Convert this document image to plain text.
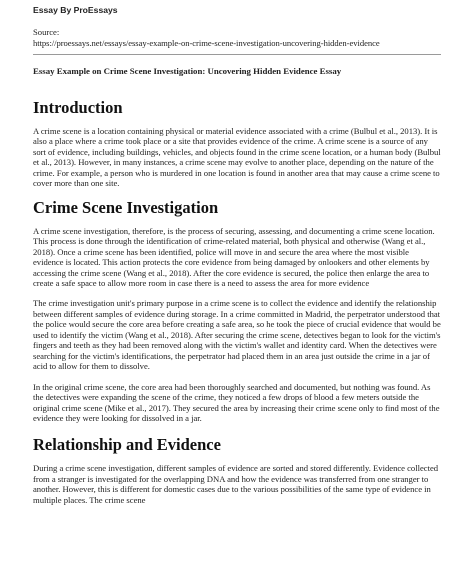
Essay By ProEssays
Source:
https://proessays.net/essays/essay-example-on-crime-scene-investigation-uncovering-hidden-evidence
Essay Example on Crime Scene Investigation: Uncovering Hidden Evidence Essay
Introduction

A crime scene is a location containing physical or material evidence associated with a crime (Bulbul et al., 2013). It is also a place where a crime took place or a site that provides evidence of the crime. A crime scene is a source of any sort of evidence, including buildings, vehicles, and objects found in the crime scene location, or a human body (Bulbul et al., 2013). However, in many instances, a crime scene may evolve to another place, depending on the nature of the crime. For example, a person who is murdered in one location is found in another area that may cause a crime scene to cover more than one site.

Crime Scene Investigation

A crime scene investigation, therefore, is the process of securing, assessing, and documenting a crime scene location. This process is done through the identification of crime-related material, both physical and otherwise (Wang et al., 2018). Once a crime scene has been identified, police will move in and secure the area where the most visible evidence is located. This action protects the core evidence from being damaged by onlookers and other elements by accessing the crime scene (Wang et al., 2018). After the core evidence is secured, the police then enlarge the area to create a safe space to allow more room in case there is a need to assess the area for more evidence

The crime investigation unit's primary purpose in a crime scene is to collect the evidence and identify the relationship between different samples of evidence during storage. In a crime committed in Madrid, the perpetrator understood that the police would secure the core area before creating a safe area, so he took the piece of crucial evidence that would be used to identify the victim (Wang et al., 2018). After securing the crime scene, detectives began to look for the victim's fingers and teeth as they had been removed along with the victim's wallet and identity card. When the detectives were searching for the victim's identifications, the perpetrator had placed them in an area just outside the crime in a jar of acid to allow for them to dissolve.

In the original crime scene, the core area had been thoroughly searched and documented, but nothing was found. As the detectives were expanding the scene of the crime, they noticed a few drops of blood a few meters outside the original crime scene (Mike et al., 2017). They secured the area by increasing their crime scene only to find most of the evidence they were looking for dissolved in a jar.

Relationship and Evidence

During a crime scene investigation, different samples of evidence are sorted and stored differently. Evidence collected from a stranger is investigated for the overlapping DNA and how the evidence was transferred from one stranger to another. However, this is different for domestic cases due to the various possibilities of the same type of evidence in multiple places. The crime scene
